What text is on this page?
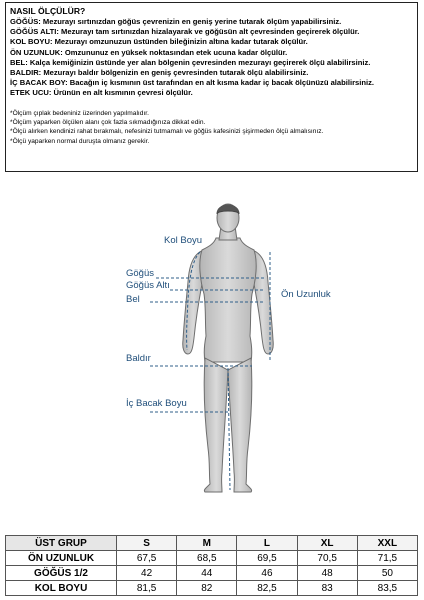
NASIL ÖLÇÜLÜR?
GÖĞÜS: Mezurayı sırtınızdan göğüs çevrenizin en geniş yerine tutarak ölçüm yapabilirsiniz.
GÖĞÜS ALTI: Mezurayı tam sırtınızdan hizalayarak ve göğüsün alt çevresinden geçirerek ölçülür.
KOL BOYU: Mezurayı omzunuzun üstünden bileğinizin altına kadar tutarak ölçülür.
ÖN UZUNLUK: Omzununuz en yüksek noktasından etek ucuna kadar ölçülür.
BEL: Kalça kemiğinizin üstünde yer alan bölgenin çevresinden mezurayı geçirerek ölçü alabilirsiniz.
BALDIR: Mezurayı baldır bölgenizin en geniş çevresinden tutarak ölçü alabilirsiniz.
İÇ BACAK BOY: Bacağın iç kısmının üst tarafından en alt kısma kadar iç bacak ölçünüzü alabilirsiniz.
ETEK UCU: Ürünün en alt kısmının çevresi ölçülür.
*Ölçüm çıplak bedeniniz üzerinden yapılmalıdır.
*Ölçüm yaparken ölçülen alanı çok fazla sıkmadığınıza dikkat edin.
*Ölçü alırken kendinizi rahat bırakmalı, nefesinizi tutmamalı ve göğüs kafesinizi şişirmeden ölçü almalısınız.
*Ölçü yaparken normal duruşta olmanız gerekir.
Kol Boyu
Göğüs
Göğüs Altı
Bel	Ön Uzunluk
Baldır
İç Bacak Boyu
ÜST GRUP	S	M	L	XL	XXL
ÖN UZUNLUK	67,5	68,5	69,5	70,5	71,5
GÖĞÜS 1/2	42	44	46	48	50
KOL BOYU	81,5	82	82,5	83	83,5
